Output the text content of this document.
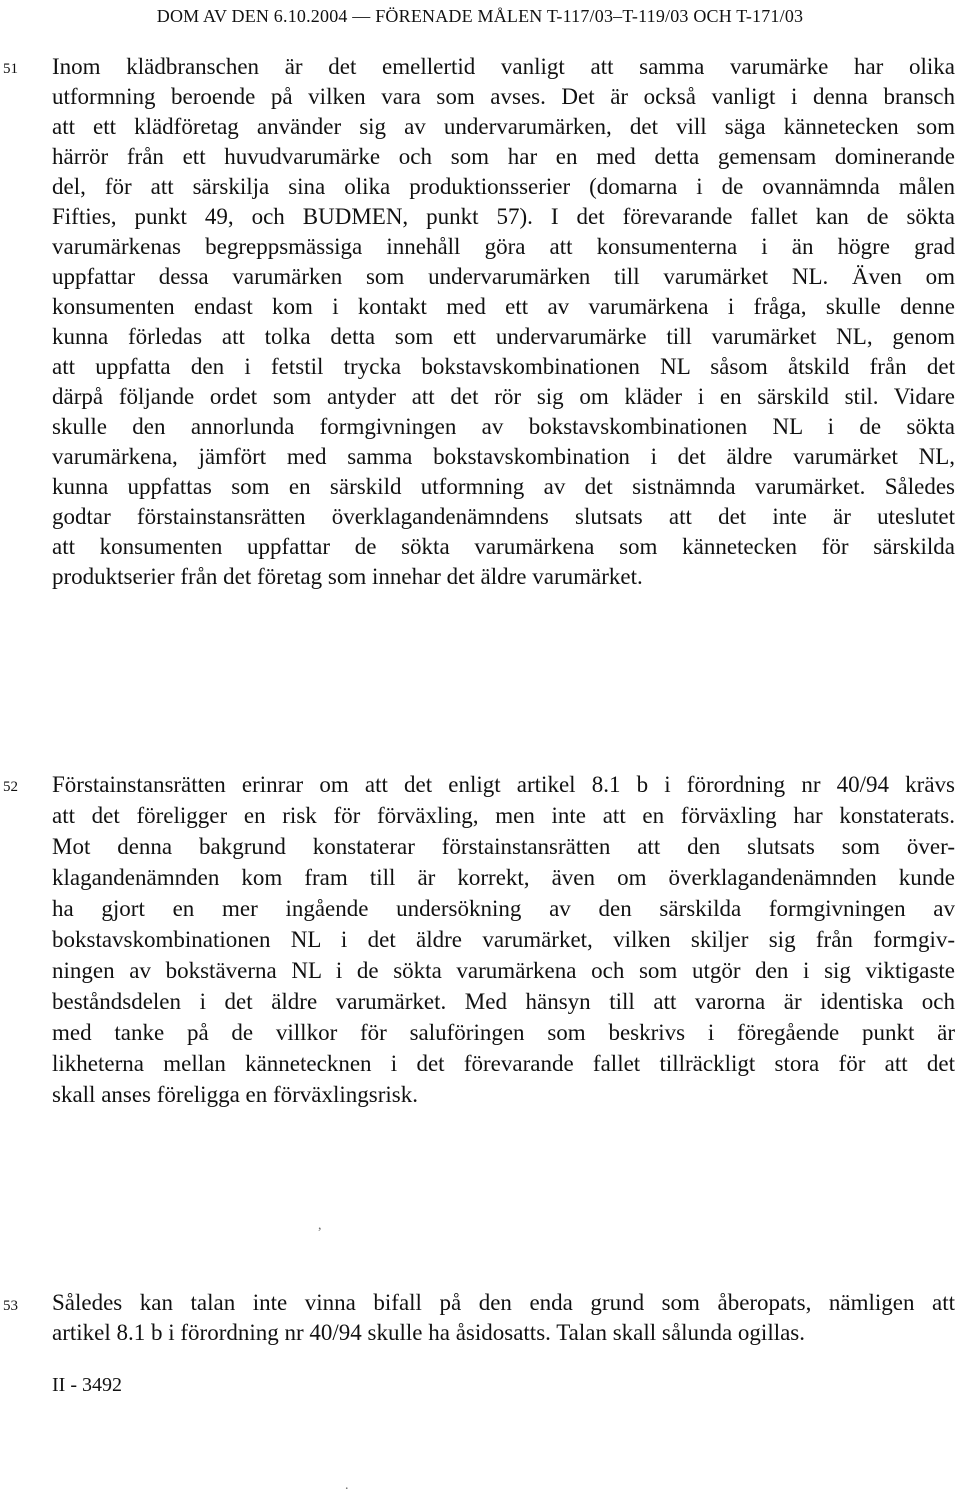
DOM AV DEN 6.10.2004 — FÖRENADE MÅLEN T-117/03–T-119/03 OCH T-171/03
51 Inom klädbranschen är det emellertid vanligt att samma varumärke har olika
utformning beroende på vilken vara som avses. Det är också vanligt i denna bransch
att ett klädföretag använder sig av undervarumärken, det vill säga kännetecken som
härrör från ett huvudvarumärke och som har en med detta gemensam dominerande
del, för att särskilja sina olika produktionsserier (domarna i de ovannämnda målen
Fifties, punkt 49, och BUDMEN, punkt 57). I det förevarande fallet kan de sökta
varumärkenas begreppsmässiga innehåll göra att konsumenterna i än högre grad
uppfattar dessa varumärken som undervarumärken till varumärket NL. Även om
konsumenten endast kom i kontakt med ett av varumärkena i fråga, skulle denne
kunna förledas att tolka detta som ett undervarumärke till varumärket NL, genom
att uppfatta den i fetstil trycka bokstavskombinationen NL såsom åtskild från det
därpå följande ordet som antyder att det rör sig om kläder i en särskild stil. Vidare
skulle den annorlunda formgivningen av bokstavskombinationen NL i de sökta
varumärkena, jämfört med samma bokstavskombination i det äldre varumärket NL,
kunna uppfattas som en särskild utformning av det sistnämnda varumärket. Således
godtar förstainstansrätten överklagandenämndens slutsats att det inte är uteslutet
att konsumenten uppfattar de sökta varumärkena som kännetecken för särskilda
produktserier från det företag som innehar det äldre varumärket.
52 Förstainstansrätten erinrar om att det enligt artikel 8.1 b i förordning nr 40/94 krävs
att det föreligger en risk för förväxling, men inte att en förväxling har konstaterats.
Mot denna bakgrund konstaterar förstainstansrätten att den slutsats som över-
klagandenämnden kom fram till är korrekt, även om överklagandenämnden kunde
ha gjort en mer ingående undersökning av den särskilda formgivningen av
bokstavskombinationen NL i det äldre varumärket, vilken skiljer sig från formgiv-
ningen av bokstäverna NL i de sökta varumärkena och som utgör den i sig viktigaste
beståndsdelen i det äldre varumärket. Med hänsyn till att varorna är identiska och
med tanke på de villkor för saluföringen som beskrivs i föregående punkt är
likheterna mellan kännetecknen i det förevarande fallet tillräckligt stora för att det
skall anses föreligga en förväxlingsrisk.
,
53 Således kan talan inte vinna bifall på den enda grund som åberopats, nämligen att
artikel 8.1 b i förordning nr 40/94 skulle ha åsidosatts. Talan skall sålunda ogillas.
II - 3492
.
